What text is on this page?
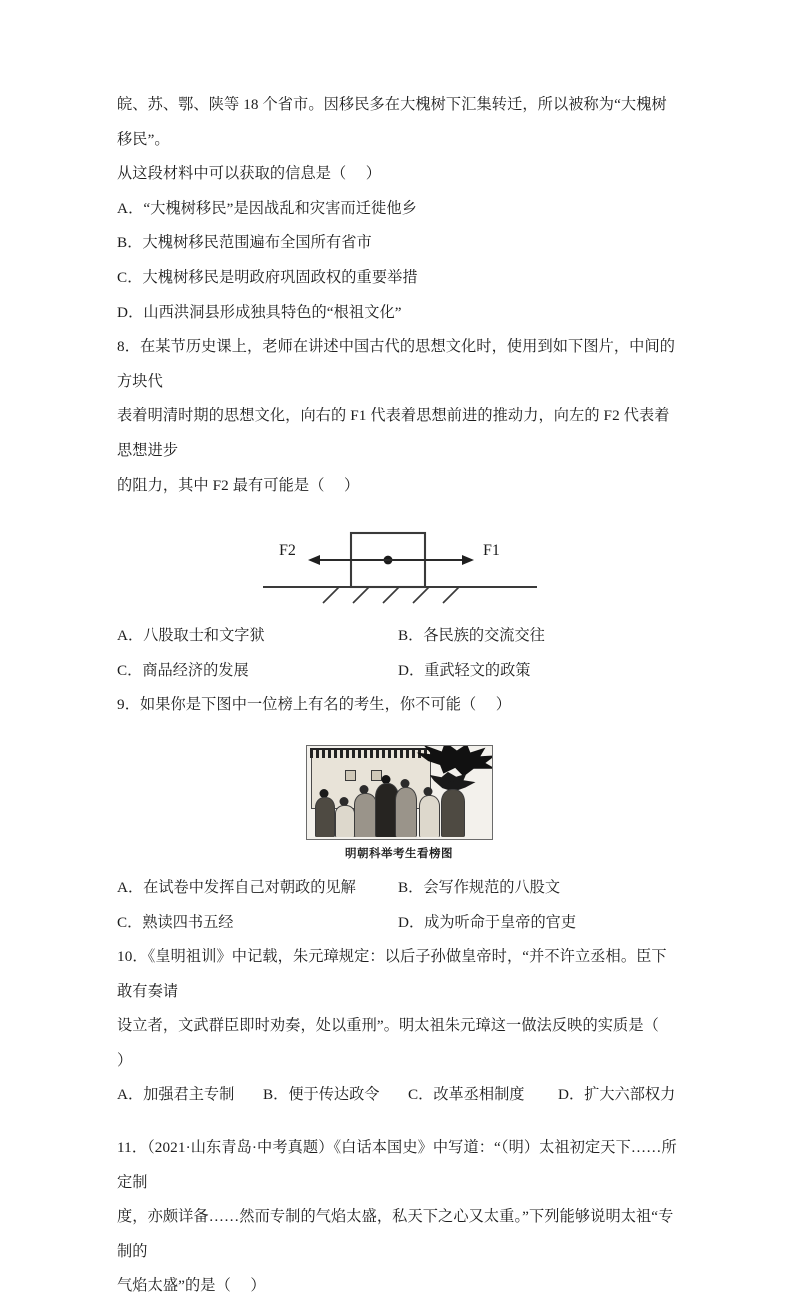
皖、苏、鄂、陕等 18 个省市。因移民多在大槐树下汇集转迁，所以被称为“大槐树移民”。
从这段材料中可以获取的信息是（     ）
A．“大槐树移民”是因战乱和灾害而迁徙他乡
B．大槐树移民范围遍布全国所有省市
C．大槐树移民是明政府巩固政权的重要举措
D．山西洪洞县形成独具特色的“根祖文化”
8．在某节历史课上，老师在讲述中国古代的思想文化时，使用到如下图片，中间的方块代
表着明清时期的思想文化，向右的 F1 代表着思想前进的推动力，向左的 F2 代表着思想进步
的阻力，其中 F2 最有可能是（     ）
F2	F1
A．八股取士和文字狱	B．各民族的交流交往
C．商品经济的发展	D．重武轻文的政策
9．如果你是下图中一位榜上有名的考生，你不可能（     ）
明朝科举考生看榜图
A．在试卷中发挥自己对朝政的见解	B．会写作规范的八股文
C．熟读四书五经	D．成为听命于皇帝的官吏
10．《皇明祖训》中记载，朱元璋规定：以后子孙做皇帝时，“并不许立丞相。臣下敢有奏请
设立者，文武群臣即时劝奏，处以重刑”。明太祖朱元璋这一做法反映的实质是（     ）
A．加强君主专制	B．便于传达政令	C．改革丞相制度	D．扩大六部权力
11．（2021·山东青岛·中考真题）《白话本国史》中写道：“（明）太祖初定天下……所定制
度，亦颇详备……然而专制的气焰太盛，私天下之心又太重。”下列能够说明太祖“专制的
气焰太盛”的是（     ）
